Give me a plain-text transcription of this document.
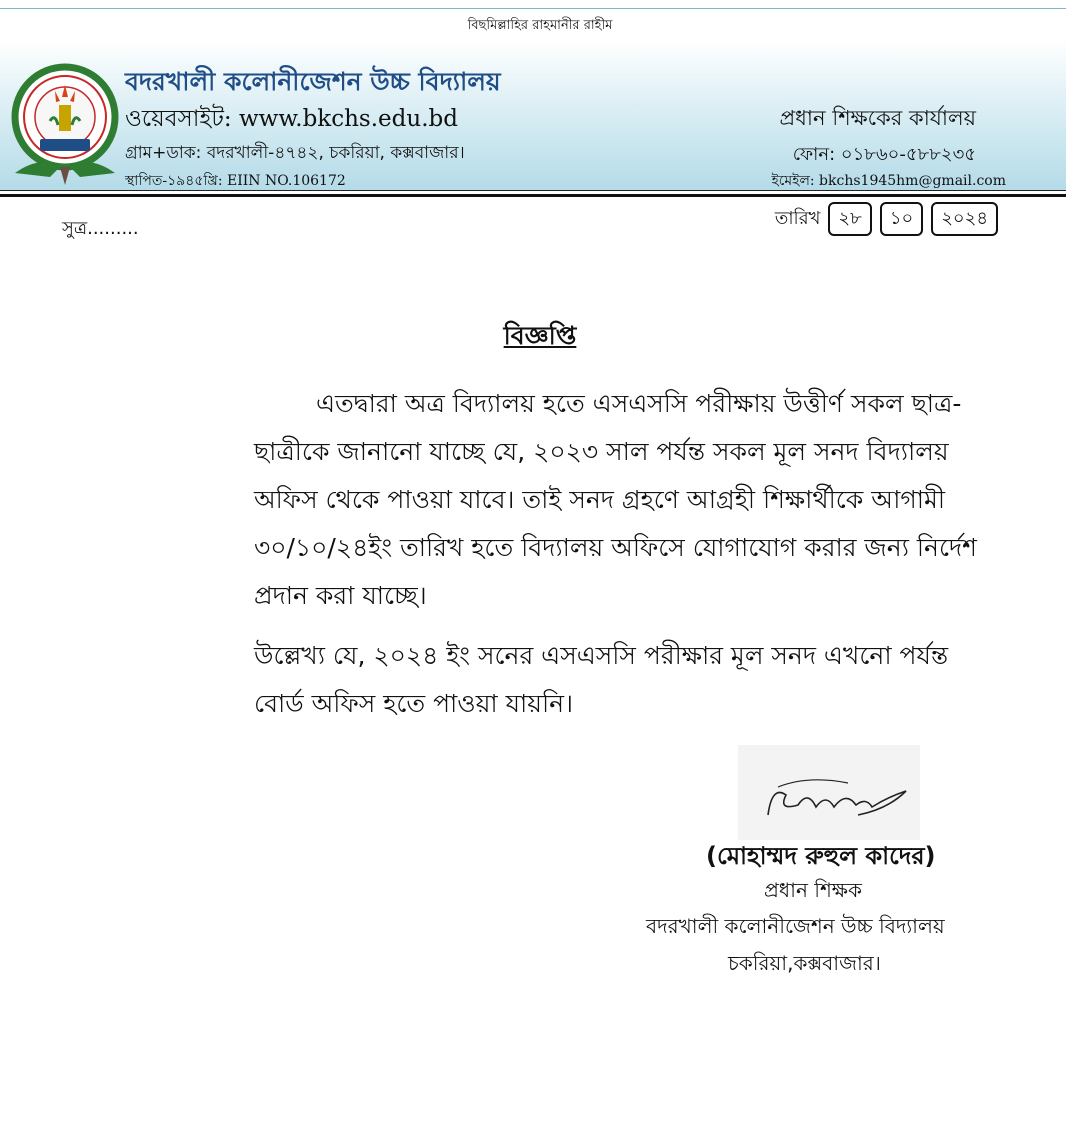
বিছমিল্লাহির রাহমানীর রাহীম
বদরখালী কলোনীজেশন উচ্চ বিদ্যালয়
ওয়েবসাইট: www.bkchs.edu.bd
গ্রাম+ডাক: বদরখালী-৪৭৪২, চকরিয়া, কক্সবাজার।
স্থাপিত-১৯৪৫খ্রি: EIIN NO.106172
প্রধান শিক্ষকের কার্যালয়
ফোন: ০১৮৬০-৫৮৮২৩৫
ইমেইল: bkchs1945hm@gmail.com
সুত্র.........	তারিখ	২৮	১০	২০২৪
বিজ্ঞপ্তি

এতদ্বারা অত্র বিদ্যালয় হতে এসএসসি পরীক্ষায় উত্তীর্ণ সকল ছাত্র-ছাত্রীকে জানানো যাচ্ছে যে, ২০২৩ সাল পর্যন্ত সকল মূল সনদ বিদ্যালয় অফিস থেকে পাওয়া যাবে। তাই সনদ গ্রহণে আগ্রহী শিক্ষার্থীকে আগামী ৩০/১০/২৪ইং তারিখ হতে বিদ্যালয় অফিসে যোগাযোগ করার জন্য নির্দেশ প্রদান করা যাচ্ছে।

উল্লেখ্য যে, ২০২৪ ইং সনের এসএসসি পরীক্ষার মূল সনদ এখনো পর্যন্ত বোর্ড অফিস হতে পাওয়া যায়নি।

(মোহাম্মদ রুহুল কাদের)
প্রধান শিক্ষক
বদরখালী কলোনীজেশন উচ্চ বিদ্যালয়
চকরিয়া,কক্সবাজার।
